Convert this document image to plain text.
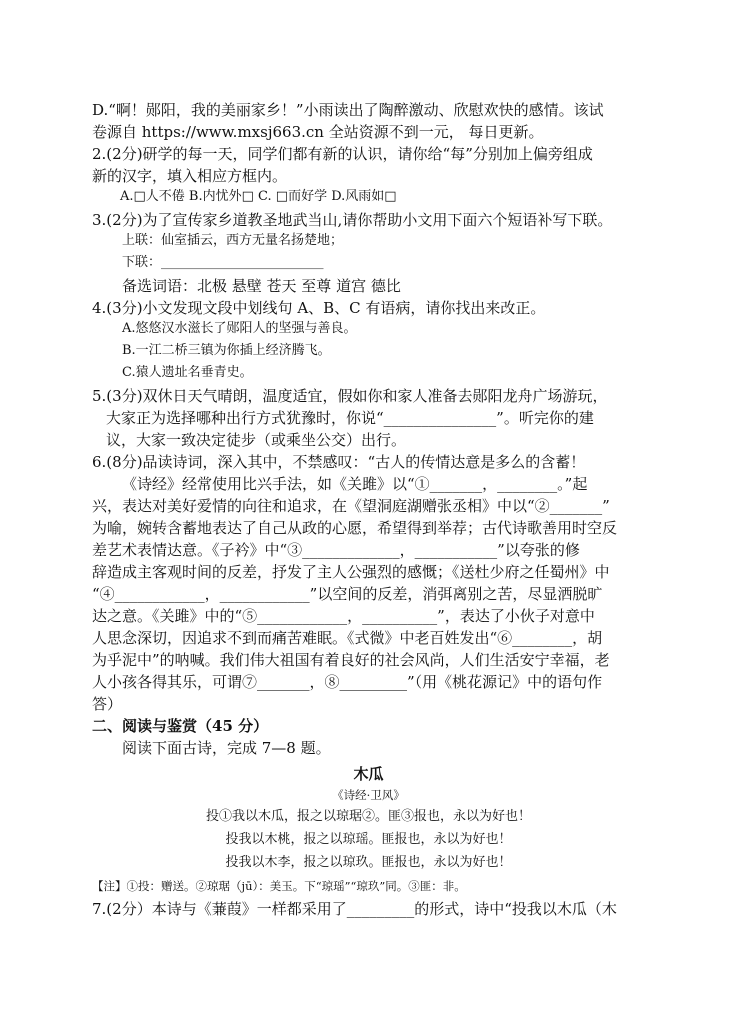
D.“啊！郧阳，我的美丽家乡！”小雨读出了陶醉激动、欣慰欢快的感情。该试
卷源自 https://www.mxsj663.cn 全站资源不到一元， 每日更新。
2.(2分)研学的每一天，同学们都有新的认识，请你给“每”分别加上偏旁组成
新的汉字，填入相应方框内。
A.□人不倦 B.内忧外□ C. □而好学 D.风雨如□
3.(2分)为了宣传家乡道教圣地武当山,请你帮助小文用下面六个短语补写下联。
上联：仙室插云，西方无量名扬楚地；
下联：_________________________
备选词语：北极 悬壁 苍天 至尊 道宫 德比
4.(3分)小文发现文段中划线句 A、B、C 有语病，请你找出来改正。
A.悠悠汉水滋长了郧阳人的坚强与善良。
B.一江二桥三镇为你插上经济腾飞。
C.猿人遗址名垂青史。
5.(3分)双休日天气晴朗，温度适宜，假如你和家人准备去郧阳龙舟广场游玩，
大家正为选择哪种出行方式犹豫时，你说“_______________”。听完你的建
议，大家一致决定徒步（或乘坐公交）出行。
6.(8分)品读诗词，深入其中，不禁感叹：“古人的传情达意是多么的含蓄！
《诗经》经常使用比兴手法，如《关雎》以“①_______，________。”起
兴，表达对美好爱情的向往和追求，在《望洞庭湖赠张丞相》中以“②_______”
为喻，婉转含蓄地表达了自己从政的心愿，希望得到举荐；古代诗歌善用时空反
差艺术表情达意。《子衿》中“③_____________，___________”以夸张的修
辞造成主客观时间的反差，抒发了主人公强烈的感慨；《送杜少府之任蜀州》中
“④____________，____________”以空间的反差，消弭离别之苦，尽显洒脱旷
达之意。《关雎》中的“⑤____________，__________”，表达了小伙子对意中
人思念深切，因追求不到而痛苦难眠。《式微》中老百姓发出“⑥________，胡
为乎泥中”的呐喊。我们伟大祖国有着良好的社会风尚，人们生活安宁幸福，老
人小孩各得其乐，可谓⑦_______，⑧_________”（用《桃花源记》中的语句作
答）
二、阅读与鉴赏（45 分）
阅读下面古诗，完成 7—8 题。
木瓜
《诗经·卫风》
投①我以木瓜，报之以琼琚②。匪③报也，永以为好也！
投我以木桃，报之以琼瑶。匪报也，永以为好也！
投我以木李，报之以琼玖。匪报也，永以为好也！
【注】①投：赠送。②琼琚（jū）：美玉。下“琼瑶”“琼玖”同。③匪：非。
7.(2分）本诗与《蒹葭》一样都采用了_________的形式，诗中“投我以木瓜（木
